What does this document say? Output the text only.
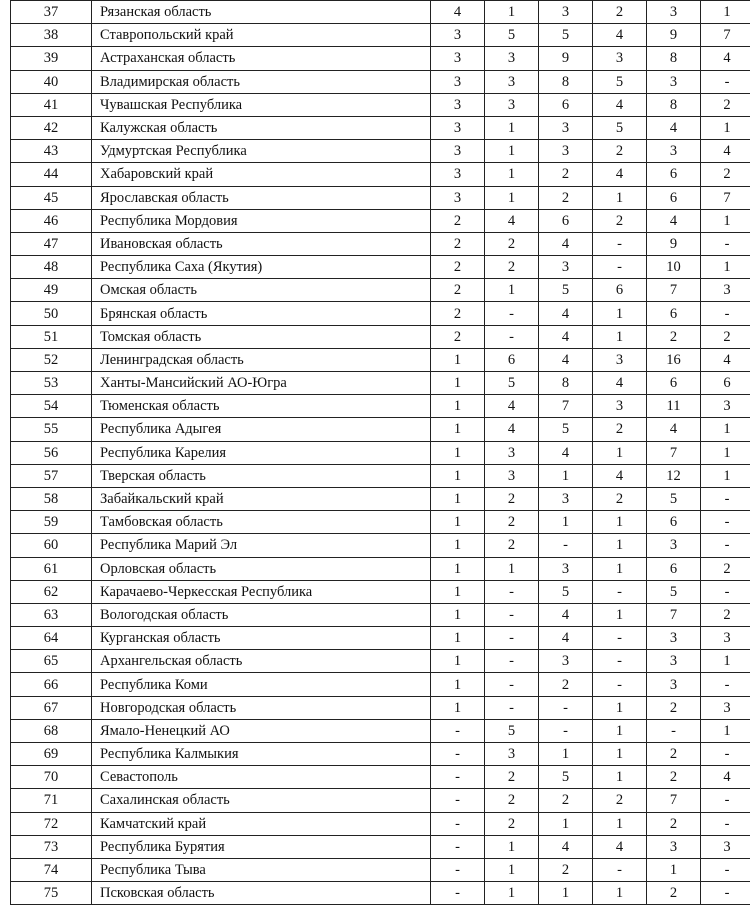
37	Рязанская область	4	1	3	2	3	1
38	Ставропольский край	3	5	5	4	9	7
39	Астраханская область	3	3	9	3	8	4
40	Владимирская область	3	3	8	5	3	-
41	Чувашская Республика	3	3	6	4	8	2
42	Калужская область	3	1	3	5	4	1
43	Удмуртская Республика	3	1	3	2	3	4
44	Хабаровский край	3	1	2	4	6	2
45	Ярославская область	3	1	2	1	6	7
46	Республика Мордовия	2	4	6	2	4	1
47	Ивановская область	2	2	4	-	9	-
48	Республика Саха (Якутия)	2	2	3	-	10	1
49	Омская область	2	1	5	6	7	3
50	Брянская область	2	-	4	1	6	-
51	Томская область	2	-	4	1	2	2
52	Ленинградская область	1	6	4	3	16	4
53	Ханты-Мансийский АО-Югра	1	5	8	4	6	6
54	Тюменская область	1	4	7	3	11	3
55	Республика Адыгея	1	4	5	2	4	1
56	Республика Карелия	1	3	4	1	7	1
57	Тверская область	1	3	1	4	12	1
58	Забайкальский край	1	2	3	2	5	-
59	Тамбовская область	1	2	1	1	6	-
60	Республика Марий Эл	1	2	-	1	3	-
61	Орловская область	1	1	3	1	6	2
62	Карачаево-Черкесская Республика	1	-	5	-	5	-
63	Вологодская область	1	-	4	1	7	2
64	Курганская область	1	-	4	-	3	3
65	Архангельская область	1	-	3	-	3	1
66	Республика Коми	1	-	2	-	3	-
67	Новгородская область	1	-	-	1	2	3
68	Ямало-Ненецкий АО	-	5	-	1	-	1
69	Республика Калмыкия	-	3	1	1	2	-
70	Севастополь	-	2	5	1	2	4
71	Сахалинская область	-	2	2	2	7	-
72	Камчатский край	-	2	1	1	2	-
73	Республика Бурятия	-	1	4	4	3	3
74	Республика Тыва	-	1	2	-	1	-
75	Псковская область	-	1	1	1	2	-
